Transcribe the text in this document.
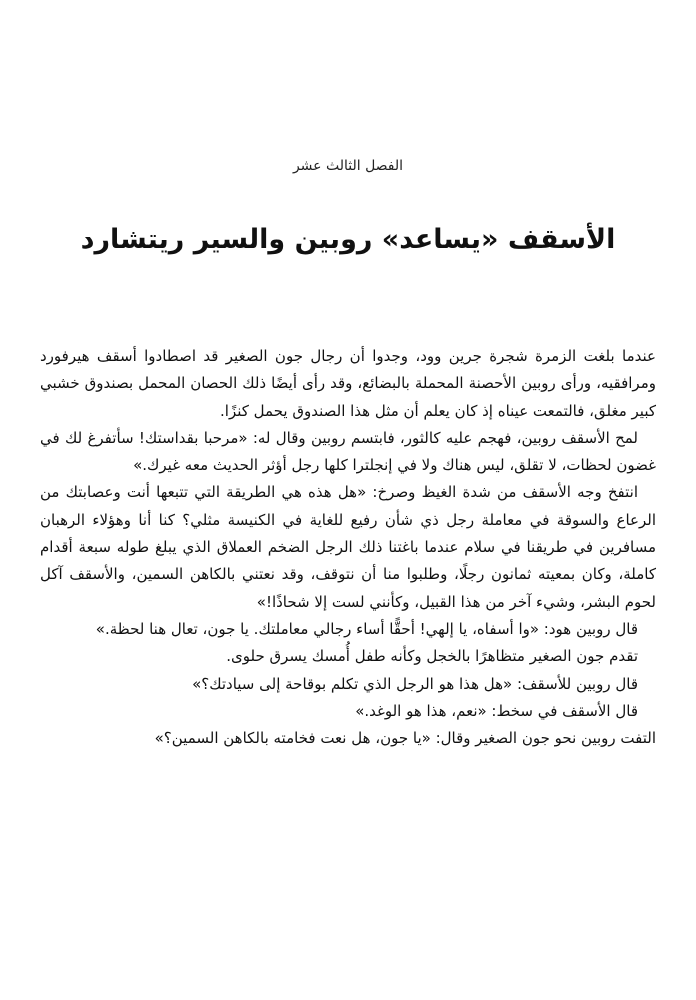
الفصل الثالث عشر
الأسقف «يساعد» روبين والسير ريتشارد

عندما بلغت الزمرة شجرة جرين وود، وجدوا أن رجال جون الصغير قد اصطادوا أسقف هيرفورد ومرافقيه، ورأى روبين الأحصنة المحملة بالبضائع، وقد رأى أيضًا ذلك الحصان المحمل بصندوق خشبي كبير مغلق، فالتمعت عيناه إذ كان يعلم أن مثل هذا الصندوق يحمل كنزًا.

لمح الأسقف روبين، فهجم عليه كالثور، فابتسم روبين وقال له: «مرحبا بقداستك! سأتفرغ لك في غضون لحظات، لا تقلق، ليس هناك ولا في إنجلترا كلها رجل أؤثر الحديث معه غيرك.»

انتفخ وجه الأسقف من شدة الغيظ وصرخ: «هل هذه هي الطريقة التي تتبعها أنت وعصابتك من الرعاع والسوقة في معاملة رجل ذي شأن رفيع للغاية في الكنيسة مثلي؟ كنا أنا وهؤلاء الرهبان مسافرين في طريقنا في سلام عندما باغتنا ذلك الرجل الضخم العملاق الذي يبلغ طوله سبعة أقدام كاملة، وكان بمعيته ثمانون رجلًا، وطلبوا منا أن نتوقف، وقد نعتني بالكاهن السمين، والأسقف آكل لحوم البشر، وشيء آخر من هذا القبيل، وكأنني لست إلا شحاذًا!»

قال روبين هود: «وا أسفاه، يا إلهي! أحقًّا أساء رجالي معاملتك. يا جون، تعال هنا لحظة.»

تقدم جون الصغير متظاهرًا بالخجل وكأنه طفل أُمسك يسرق حلوى.

قال روبين للأسقف: «هل هذا هو الرجل الذي تكلم بوقاحة إلى سيادتك؟»

قال الأسقف في سخط: «نعم، هذا هو الوغد.»

التفت روبين نحو جون الصغير وقال: «يا جون، هل نعت فخامته بالكاهن السمين؟»
